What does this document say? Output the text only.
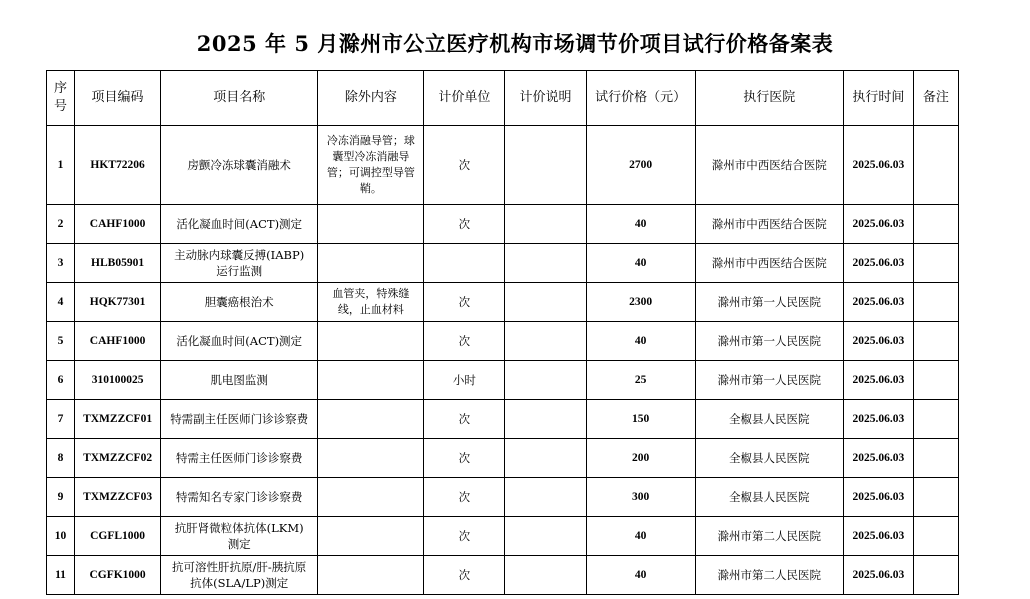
2025 年 5 月滁州市公立医疗机构市场调节价项目试行价格备案表
序号	项目编码	项目名称	除外内容	计价单位	计价说明	试行价格（元）	执行医院	执行时间	备注
1	HKT72206	房颤冷冻球囊消融术	冷冻消融导管；球囊型冷冻消融导管；可调控型导管鞘。	次		2700	滁州市中西医结合医院	2025.06.03	
2	CAHF1000	活化凝血时间(ACT)测定		次		40	滁州市中西医结合医院	2025.06.03	
3	HLB05901	主动脉内球囊反搏(IABP)运行监测				40	滁州市中西医结合医院	2025.06.03	
4	HQK77301	胆囊癌根治术	血管夹，特殊缝线，止血材料	次		2300	滁州市第一人民医院	2025.06.03	
5	CAHF1000	活化凝血时间(ACT)测定		次		40	滁州市第一人民医院	2025.06.03	
6	310100025	肌电图监测		小时		25	滁州市第一人民医院	2025.06.03	
7	TXMZZCF01	特需副主任医师门诊诊察费		次		150	全椒县人民医院	2025.06.03	
8	TXMZZCF02	特需主任医师门诊诊察费		次		200	全椒县人民医院	2025.06.03	
9	TXMZZCF03	特需知名专家门诊诊察费		次		300	全椒县人民医院	2025.06.03	
10	CGFL1000	抗肝肾微粒体抗体(LKM)测定		次		40	滁州市第二人民医院	2025.06.03	
11	CGFK1000	抗可溶性肝抗原/肝-胰抗原抗体(SLA/LP)测定		次		40	滁州市第二人民医院	2025.06.03	
